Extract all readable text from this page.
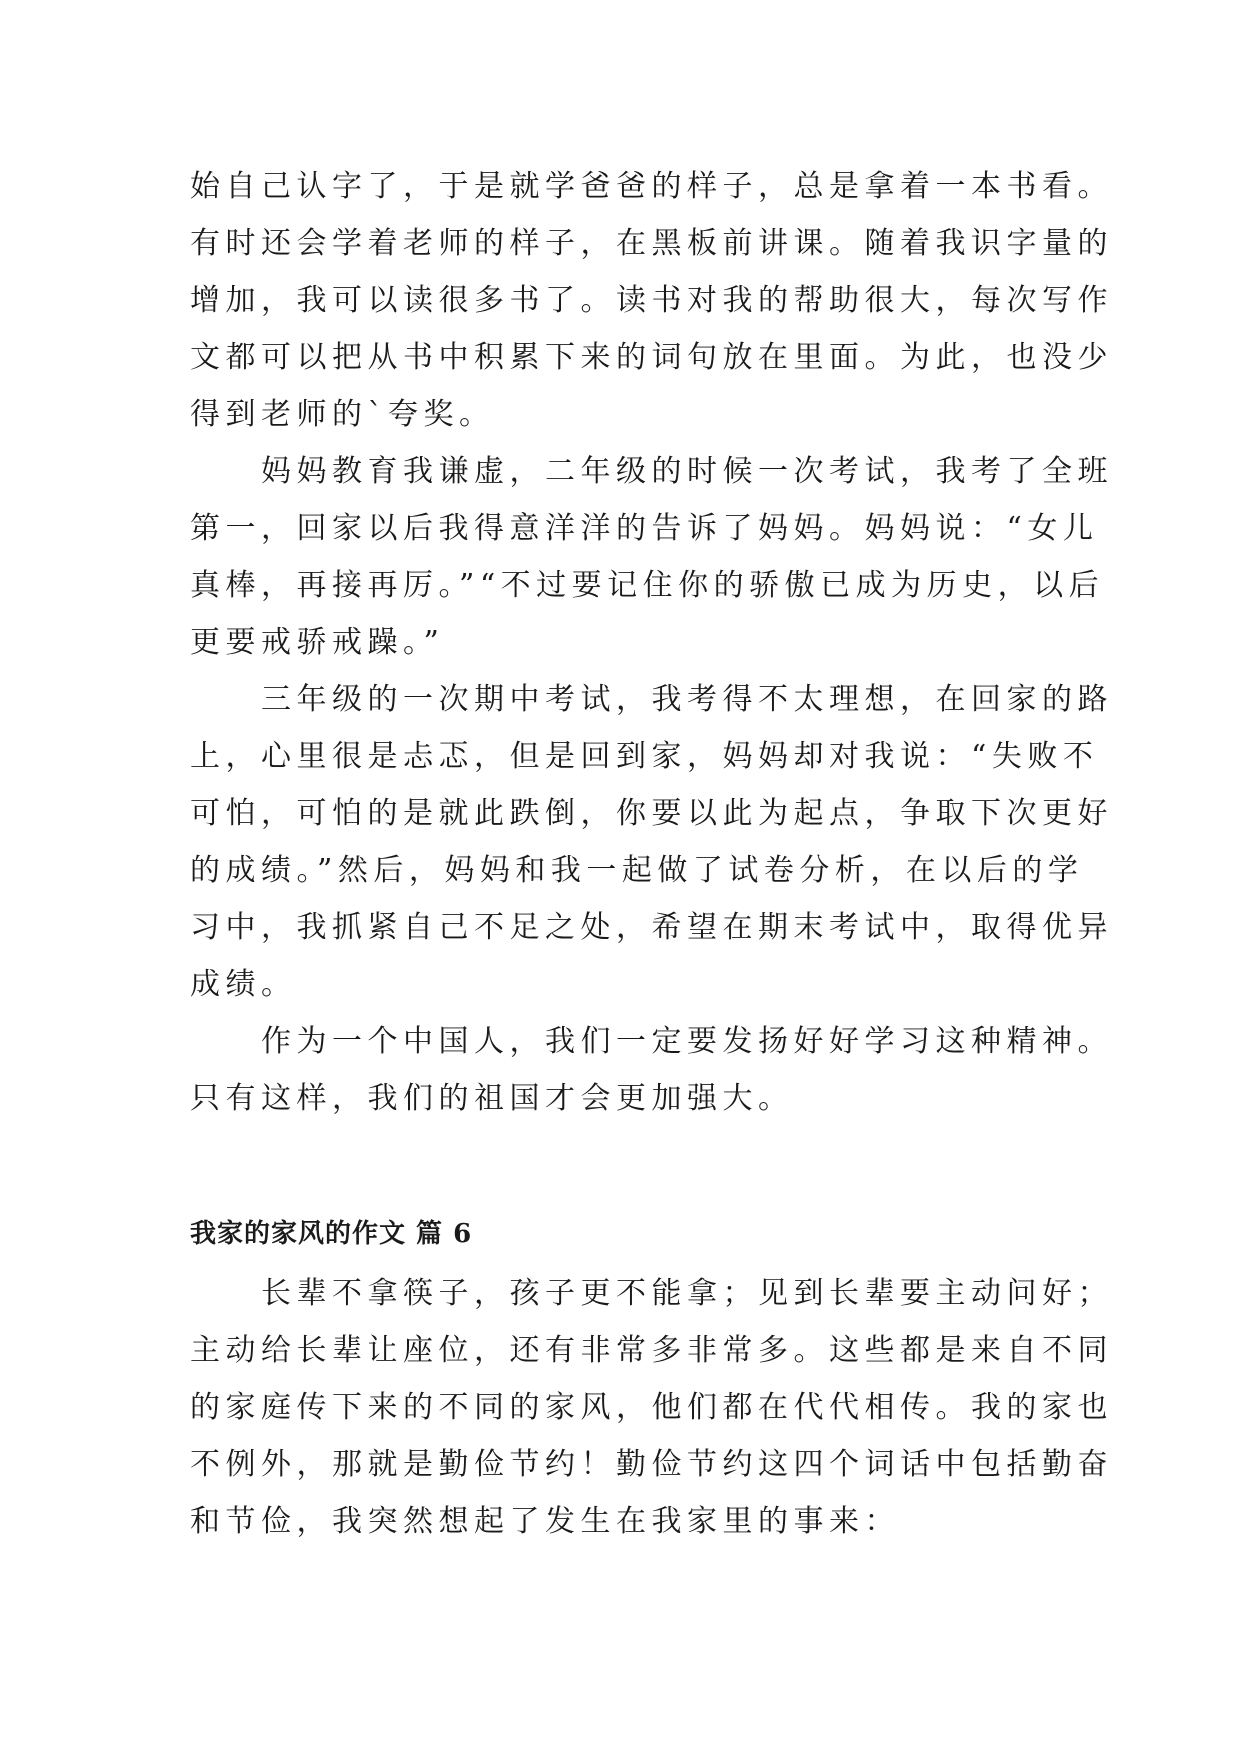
始自己认字了，于是就学爸爸的样子，总是拿着一本书看。

有时还会学着老师的样子，在黑板前讲课。随着我识字量的

增加，我可以读很多书了。读书对我的帮助很大，每次写作

文都可以把从书中积累下来的词句放在里面。为此，也没少

得到老师的`夸奖。

　　妈妈教育我谦虚，二年级的时候一次考试，我考了全班

第一，回家以后我得意洋洋的告诉了妈妈。妈妈说：“女儿

真棒，再接再厉。”“不过要记住你的骄傲已成为历史，以后

更要戒骄戒躁。”

　　三年级的一次期中考试，我考得不太理想，在回家的路

上，心里很是忐忑，但是回到家，妈妈却对我说：“失败不

可怕，可怕的是就此跌倒，你要以此为起点，争取下次更好

的成绩。”然后，妈妈和我一起做了试卷分析，在以后的学

习中，我抓紧自己不足之处，希望在期末考试中，取得优异

成绩。

　　作为一个中国人，我们一定要发扬好好学习这种精神。

只有这样，我们的祖国才会更加强大。

我家的家风的作文 篇 6

　　长辈不拿筷子，孩子更不能拿；见到长辈要主动问好；

主动给长辈让座位，还有非常多非常多。这些都是来自不同

的家庭传下来的不同的家风，他们都在代代相传。我的家也

不例外，那就是勤俭节约！勤俭节约这四个词话中包括勤奋

和节俭，我突然想起了发生在我家里的事来：
